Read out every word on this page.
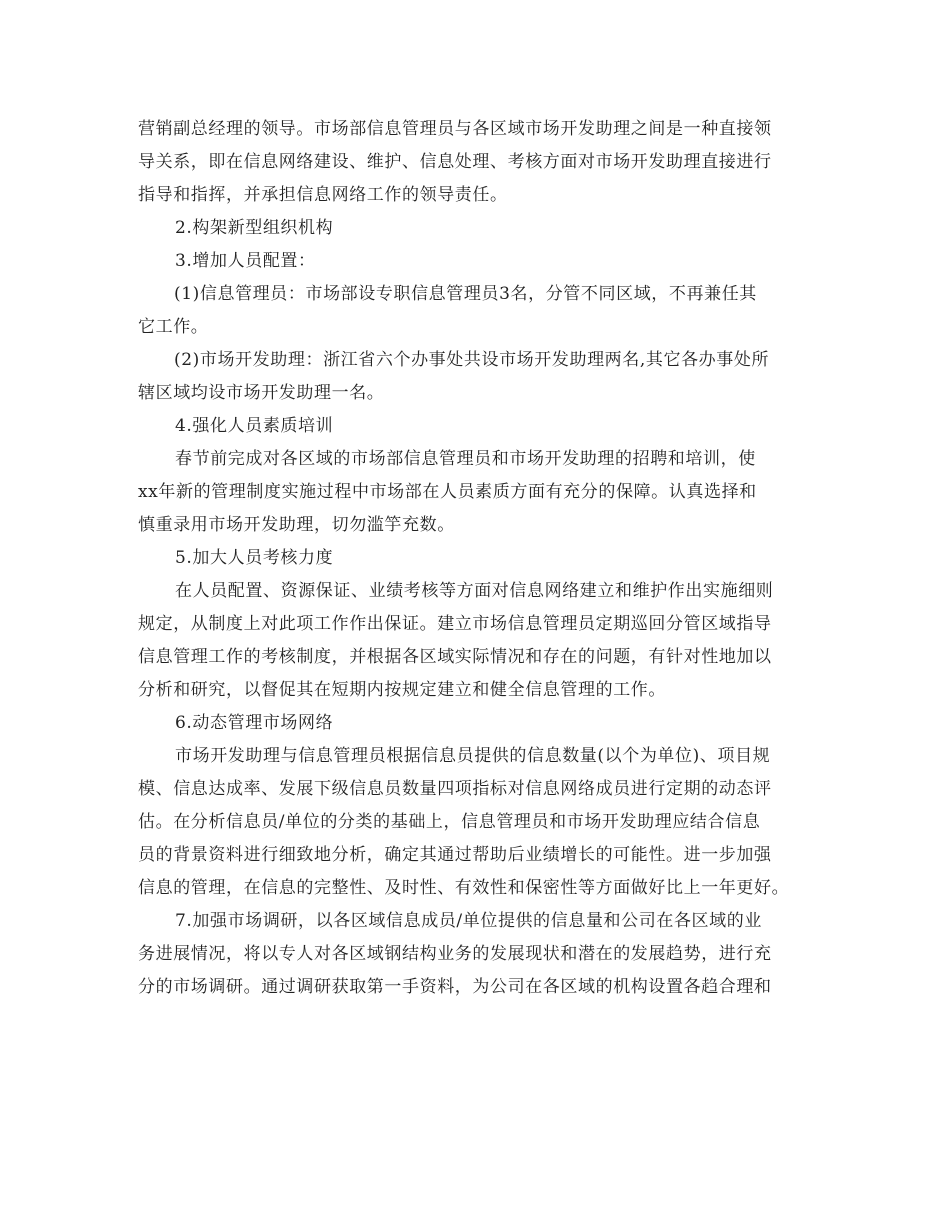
营销副总经理的领导。市场部信息管理员与各区域市场开发助理之间是一种直接领
导关系，即在信息网络建设、维护、信息处理、考核方面对市场开发助理直接进行
指导和指挥，并承担信息网络工作的领导责任。
2.构架新型组织机构
3.增加人员配置：
(1)信息管理员：市场部设专职信息管理员3名，分管不同区域，不再兼任其
它工作。
(2)市场开发助理：浙江省六个办事处共设市场开发助理两名,其它各办事处所
辖区域均设市场开发助理一名。
4.强化人员素质培训
春节前完成对各区域的市场部信息管理员和市场开发助理的招聘和培训，使
xx年新的管理制度实施过程中市场部在人员素质方面有充分的保障。认真选择和
慎重录用市场开发助理，切勿滥竽充数。
5.加大人员考核力度
在人员配置、资源保证、业绩考核等方面对信息网络建立和维护作出实施细则
规定，从制度上对此项工作作出保证。建立市场信息管理员定期巡回分管区域指导
信息管理工作的考核制度，并根据各区域实际情况和存在的问题，有针对性地加以
分析和研究，以督促其在短期内按规定建立和健全信息管理的工作。
6.动态管理市场网络
市场开发助理与信息管理员根据信息员提供的信息数量(以个为单位)、项目规
模、信息达成率、发展下级信息员数量四项指标对信息网络成员进行定期的动态评
估。在分析信息员/单位的分类的基础上，信息管理员和市场开发助理应结合信息
员的背景资料进行细致地分析，确定其通过帮助后业绩增长的可能性。进一步加强
信息的管理，在信息的完整性、及时性、有效性和保密性等方面做好比上一年更好。
7.加强市场调研，以各区域信息成员/单位提供的信息量和公司在各区域的业
务进展情况，将以专人对各区域钢结构业务的发展现状和潜在的发展趋势，进行充
分的市场调研。通过调研获取第一手资料，为公司在各区域的机构设置各趋合理和
